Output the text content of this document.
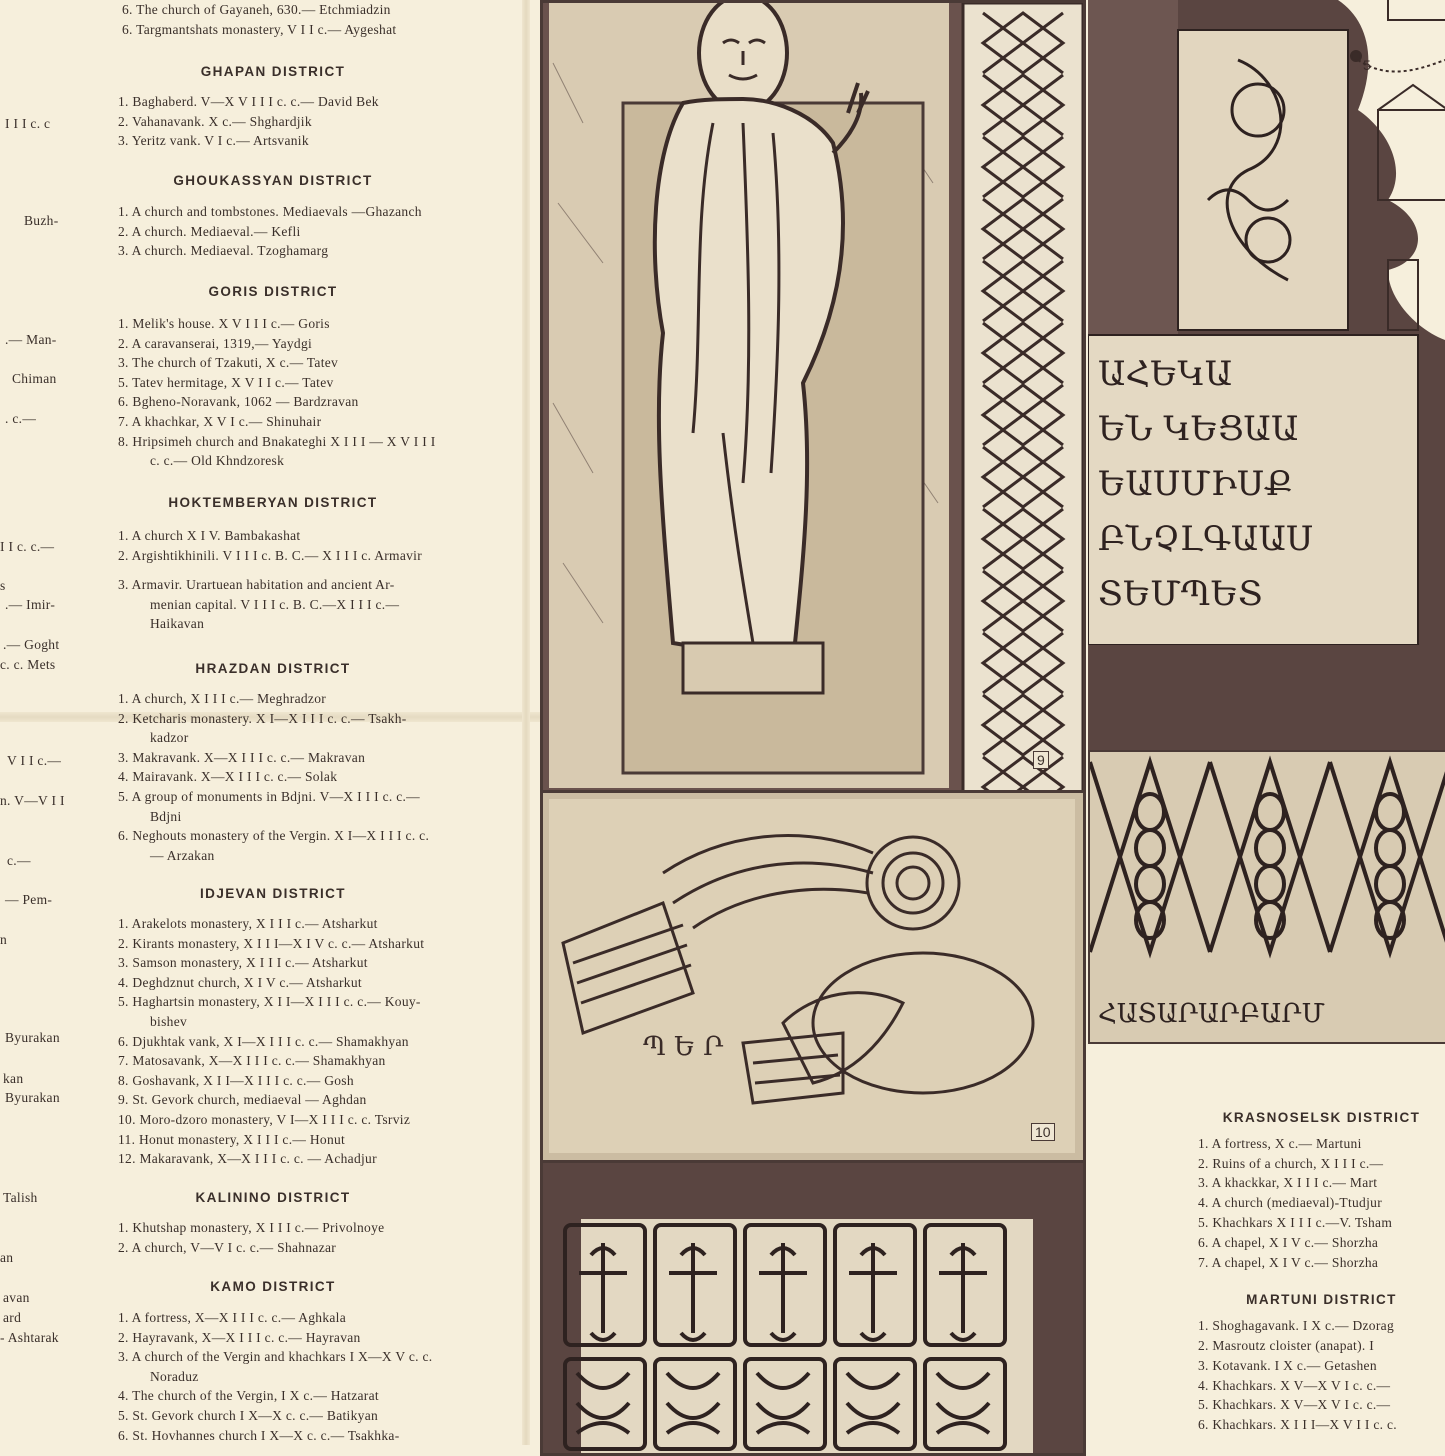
I I I c. c
Buzh-
.— Man-
Chiman
. c.—
I I c. c.—
s
.— Imir-
.— Goght
c. c. Mets
V I I c.—
n. V—V I I
c.—
— Pem-
n
Byurakan
kan
Byurakan
Talish
an
avan
ard
- Ashtarak
6. The church of Gayaneh, 630.— Etchmiadzin
6. Targmantshats monastery, V I I c.— Aygeshat
GHAPAN DISTRICT
1. Baghaberd. V—X V I I I c. c.— David Bek
2. Vahanavank. X c.— Shghardjik
3. Yeritz vank. V I c.— Artsvanik
GHOUKASSYAN DISTRICT
1. A church and tombstones. Mediaevals —Ghazanch
2. A church. Mediaeval.— Kefli
3. A church. Mediaeval. Tzoghamarg
GORIS DISTRICT
1. Melik's house. X V I I I c.— Goris
2. A caravanserai, 1319,— Yaydgi
3. The church of Tzakuti, X c.— Tatev
5. Tatev hermitage, X V I I c.— Tatev
6. Bgheno-Noravank, 1062 — Bardzravan
7. A khachkar, X V I c.— Shinuhair
8. Hripsimeh church and Bnakateghi X I I I — X V I I I
c. c.— Old Khndzoresk
HOKTEMBERYAN DISTRICT
1. A church X I V. Bambakashat
2. Argishtikhinili. V I I I c. B. C.— X I I I c. Armavir
3. Armavir. Urartuean habitation and ancient Ar-
menian capital. V I I I c. B. C.—X I I I c.—
Haikavan
HRAZDAN DISTRICT
1. A church, X I I I c.— Meghradzor
2. Ketcharis monastery. X I—X I I I c. c.— Tsakh-
kadzor
3. Makravank. X—X I I I c. c.— Makravan
4. Mairavank. X—X I I I c. c.— Solak
5. A group of monuments in Bdjni. V—X I I I c. c.—
Bdjni
6. Neghouts monastery of the Vergin. X I—X I I I c. c.
— Arzakan
IDJEVAN DISTRICT
1. Arakelots monastery, X I I I c.— Atsharkut
2. Kirants monastery, X I I I—X I V c. c.— Atsharkut
3. Samson monastery, X I I I c.— Atsharkut
4. Deghdznut church, X I V c.— Atsharkut
5. Haghartsin monastery, X I I—X I I I c. c.— Kouy-
bishev
6. Djukhtak vank, X I—X I I I c. c.— Shamakhyan
7. Matosavank, X—X I I I c. c.— Shamakhyan
8. Goshavank, X I I—X I I I c. c.— Gosh
9. St. Gevork church, mediaeval — Aghdan
10. Moro-dzoro monastery, V I—X I I I c. c. Tsrviz
11. Honut monastery, X I I I c.— Honut
12. Makaravank, X—X I I I c. c. — Achadjur
KALININO DISTRICT
1. Khutshap monastery, X I I I c.— Privolnoye
2. A church, V—V I c. c.— Shahnazar
KAMO DISTRICT
1. A fortress, X—X I I I c. c.— Aghkala
2. Hayravank, X—X I I I c. c.— Hayravan
3. A church of the Vergin and khachkars I X—X V c. c.
Noraduz
4. The church of the Vergin, I X c.— Hatzarat
5. St. Gevork church I X—X c. c.— Batikyan
6. St. Hovhannes church I X—X c. c.— Tsakhka-
9
Պ Ե Ր
10
ԱՀԵԿԱ
ԵՆ ԿԵՑԱԱ
ԵԱՍՄԻՍՔ
ԲՆՉԼԳԱԱՍ
ՏԵՄՊԵՏ
5
ՀԱՏԱՐԱՐԲԱՐՄ
KRASNOSELSK DISTRICT
1. A fortress, X c.— Martuni
2. Ruins of a church, X I I I c.—
3. A khackkar, X I I I c.— Mart
4. A church (mediaeval)-Ttudjur
5. Khachkars X I I I c.—V. Tsham
6. A chapel, X I V c.— Shorzha
7. A chapel, X I V c.— Shorzha
MARTUNI DISTRICT
1. Shoghagavank. I X c.— Dzorag
2. Masroutz cloister (anapat). I
3. Kotavank. I X c.— Getashen
4. Khachkars. X V—X V I c. c.—
5. Khachkars. X V—X V I c. c.—
6. Khachkars. X I I I—X V I I c. c.
